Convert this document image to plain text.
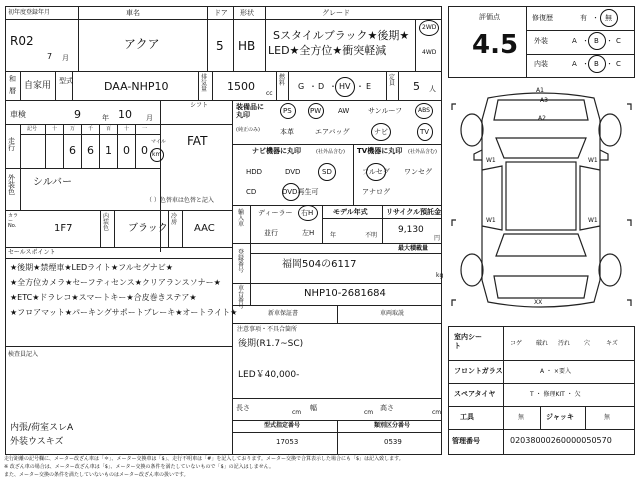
初年度登録年月	車名	ドア 形状	グレード
R02
7 月
アクア	5 HB
Sスタイルブラック★後期★
LED★全方位★衝突軽減
2WD
4WD
和
暦 自家用 型式	DAA-NHP10
排気量 1500
cc
燃料 G ・ D ・ HV ・ E
定員 5 人
車検	9	年 10 月
シフト
FAT
走行
記号	十	万	千	百	十	一
6 6 1 0 0
マイル
km
外装色
シルバー
（ ）色替車は色替と記入
カラー No.	1F7
内装色 ブラック
冷房
AAC
セールスポイント
★後期★禁煙車★LEDライト★フルセグナビ★
★全方位カメラ★セーフティセンス★クリアランスソナー★
★ETC★ドラレコ★スマートキー★合皮巻きステア★
★フロアマット★パーキングサポートブレーキ★オートライト★
検査員記入
内張/荷室スレA
外装ウスキズ
装備品に丸印
(純正のみ)
PS	PW AW	サンルーフ	ABS
本革	エアバッグ	ナビ	TV
ナビ機器に丸印	(社外品含む) TV機器に丸印 (社外品含む)
HDD	DVD	SD
CD	DVD再生可
フルセグ ワンセグ
アナログ
輸入車
ディーラー 右H
並行	左H
モデル年式	リサイクル預託金
年	不明
9,130
円
最大積載量
登録番号
福岡504の6117
kg
車台番号
NHP10-2681684
新車保証書	車両取説
注意事項・不具合箇所
後期(R1.7~SC)
LED￥40,000-
長さ
cm
幅
cm
高さ
cm
型式指定番号	類別区分番号
17053	0539
評価点
4.5
修復歴	有 ・ 無
外装	A ・ B ・ C
内装	A ・ B ・ C
A1
A3
A2
W1	W1
W1	W1
XX
室内シート	コゲ 破れ 汚れ 穴	キズ
フロントガラス	A ・ ×要入
スペアタイヤ	T ・ 修理KIT ・ 欠
工具	無	ジャッキ	無
管理番号	02038000260000050570
走行距離の記号欄に、メーター改ざん車は「＊」、メーター交換車は「$」、走行不明車は「#」を記入しております。メーター交換で合算表示した場合にも「$」は記入致します。
※ 改ざん車の場合は、メーター改ざん車は「$」、メーター交換の条件を満たしていないもので「$」の記入はしません。
また、メーター交換の条件を満たしていないものはメーター改ざん車の扱いです。
